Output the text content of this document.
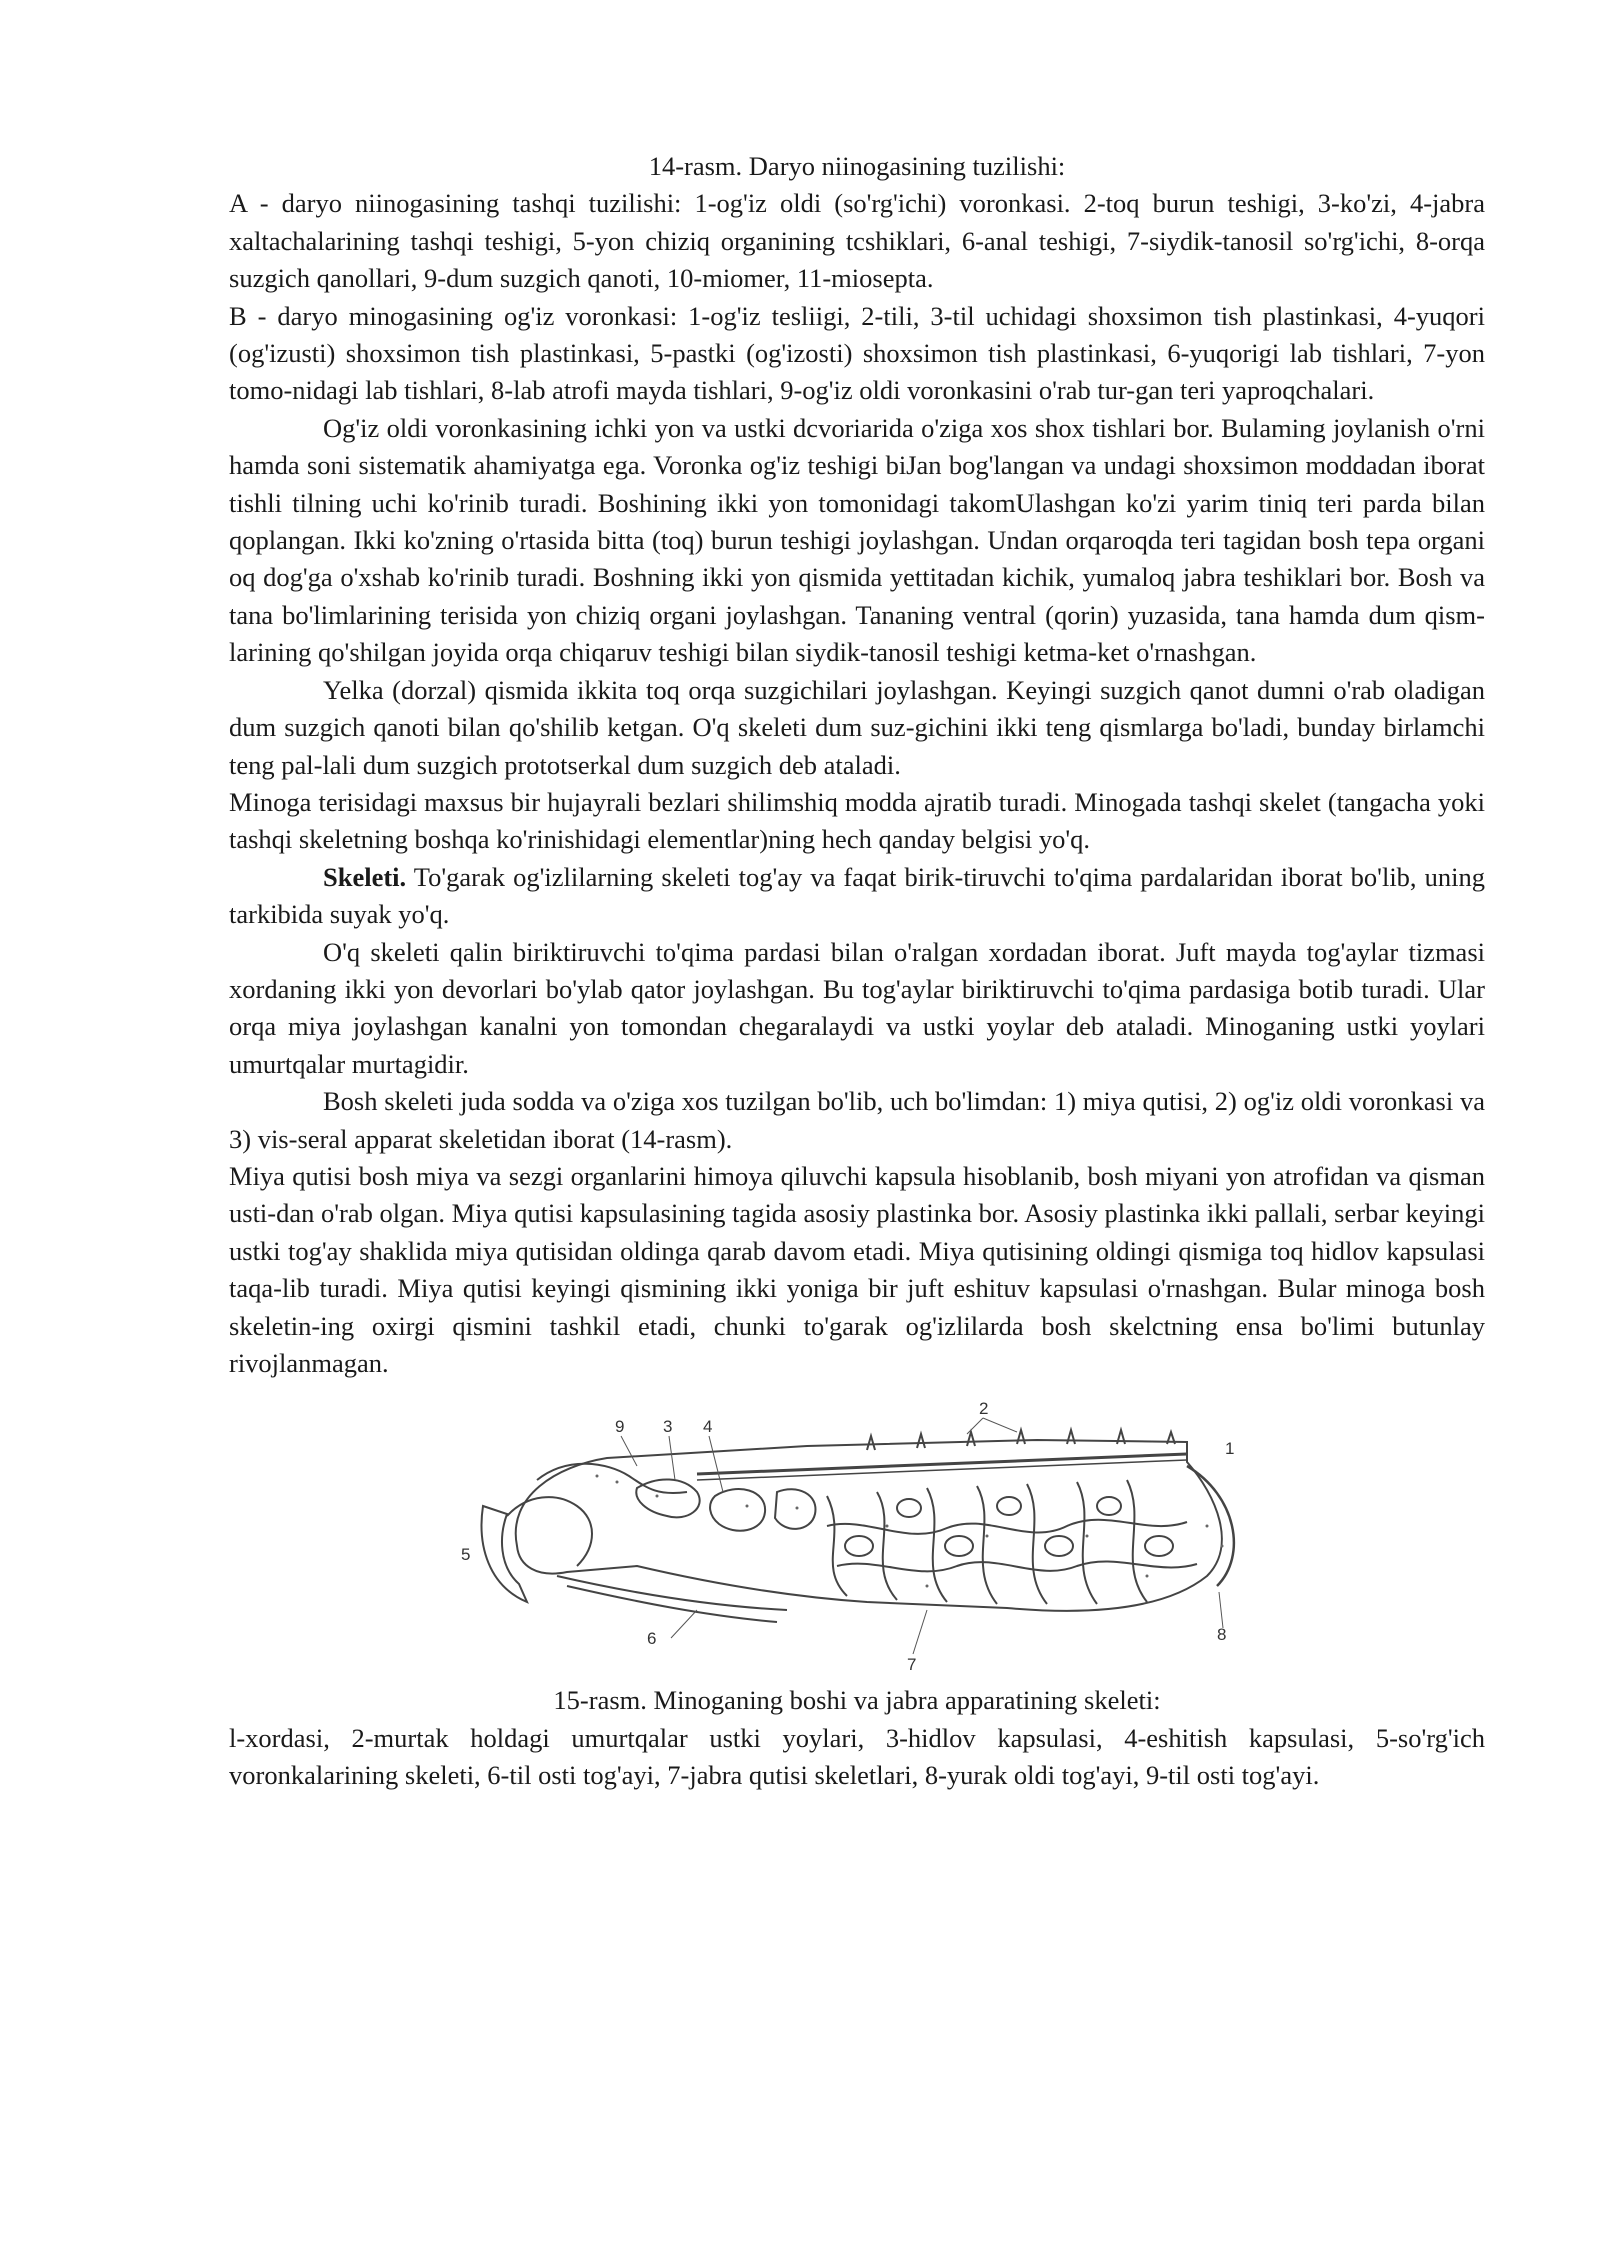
14-rasm. Daryo niinogasining tuzilishi:

A - daryo niinogasining tashqi tuzilishi: 1-og'iz oldi (so'rg'ichi) voronkasi. 2-toq burun teshigi, 3-ko'zi, 4-jabra xaltachalarining tashqi teshigi, 5-yon chiziq organining tcshiklari, 6-anal teshigi, 7-siydik-tanosil so'rg'ichi, 8-orqa suzgich qanollari, 9-dum suzgich qanoti, 10-miomer, 11-miosepta.

B - daryo minogasining og'iz voronkasi: 1-og'iz tesliigi, 2-tili, 3-til uchidagi shoxsimon tish plastinkasi, 4-yuqori (og'izusti) shoxsimon tish plastinkasi, 5-pastki (og'izosti) shoxsimon tish plastinkasi, 6-yuqorigi lab tishlari, 7-yon tomo-nidagi lab tishlari, 8-lab atrofi mayda tishlari, 9-og'iz oldi voronkasini o'rab tur-gan teri yaproqchalari.

Og'iz oldi voronkasining ichki yon va ustki dcvoriarida o'ziga xos shox tishlari bor. Bulaming joylanish o'rni hamda soni sistematik ahamiyatga ega. Voronka og'iz teshigi biJan bog'langan va undagi shoxsimon moddadan iborat tishli tilning uchi ko'rinib turadi. Boshining ikki yon tomonidagi takomUlashgan ko'zi yarim tiniq teri parda bilan qoplangan. Ikki ko'zning o'rtasida bitta (toq) burun teshigi joylashgan. Undan orqaroqda teri tagidan bosh tepa organi oq dog'ga o'xshab ko'rinib turadi. Boshning ikki yon qismida yettitadan kichik, yumaloq jabra teshiklari bor. Bosh va tana bo'limlarining terisida yon chiziq organi joylashgan. Tananing ventral (qorin) yuzasida, tana hamda dum qism-larining qo'shilgan joyida orqa chiqaruv teshigi bilan siydik-tanosil teshigi ketma-ket o'rnashgan.

Yelka (dorzal) qismida ikkita toq orqa suzgichilari joylashgan. Keyingi suzgich qanot dumni o'rab oladigan dum suzgich qanoti bilan qo'shilib ketgan. O'q skeleti dum suz-gichini ikki teng qismlarga bo'ladi, bunday birlamchi teng pal-lali dum suzgich prototserkal dum suzgich deb ataladi.

Minoga terisidagi maxsus bir hujayrali bezlari shilimshiq modda ajratib turadi. Minogada tashqi skelet (tangacha yoki tashqi skeletning boshqa ko'rinishidagi elementlar)ning hech qanday belgisi yo'q.

Skeleti. To'garak og'izlilarning skeleti tog'ay va faqat birik-tiruvchi to'qima pardalaridan iborat bo'lib, uning tarkibida suyak yo'q.

O'q skeleti qalin biriktiruvchi to'qima pardasi bilan o'ralgan xordadan iborat. Juft mayda tog'aylar tizmasi xordaning ikki yon devorlari bo'ylab qator joylashgan. Bu tog'aylar biriktiruvchi to'qima pardasiga botib turadi. Ular orqa miya joylashgan kanalni yon tomondan chegaralaydi va ustki yoylar deb ataladi. Minoganing ustki yoylari umurtqalar murtagidir.

Bosh skeleti juda sodda va o'ziga xos tuzilgan bo'lib, uch bo'limdan: 1) miya qutisi, 2) og'iz oldi voronkasi va 3) vis-seral apparat skeletidan iborat (14-rasm).

Miya qutisi bosh miya va sezgi organlarini himoya qiluvchi kapsula hisoblanib, bosh miyani yon atrofidan va qisman usti-dan o'rab olgan. Miya qutisi kapsulasining tagida asosiy plastinka bor. Asosiy plastinka ikki pallali, serbar keyingi ustki tog'ay shaklida miya qutisidan oldinga qarab davom etadi. Miya qutisining oldingi qismiga toq hidlov kapsulasi taqa-lib turadi. Miya qutisi keyingi qismining ikki yoniga bir juft eshituv kapsulasi o'rnashgan. Bular minoga bosh skeletin-ing oxirgi qismini tashkil etadi, chunki to'garak og'izlilarda bosh skelctning ensa bo'limi butunlay rivojlanmagan.

9 3 4
2
1
5
6
7
8

15-rasm. Minoganing boshi va jabra apparatining skeleti:

l-xordasi, 2-murtak holdagi umurtqalar ustki yoylari, 3-hidlov kapsulasi, 4-eshitish kapsulasi, 5-so'rg'ich voronkalarining skeleti, 6-til osti tog'ayi, 7-jabra qutisi skeletlari, 8-yurak oldi tog'ayi, 9-til osti tog'ayi.
